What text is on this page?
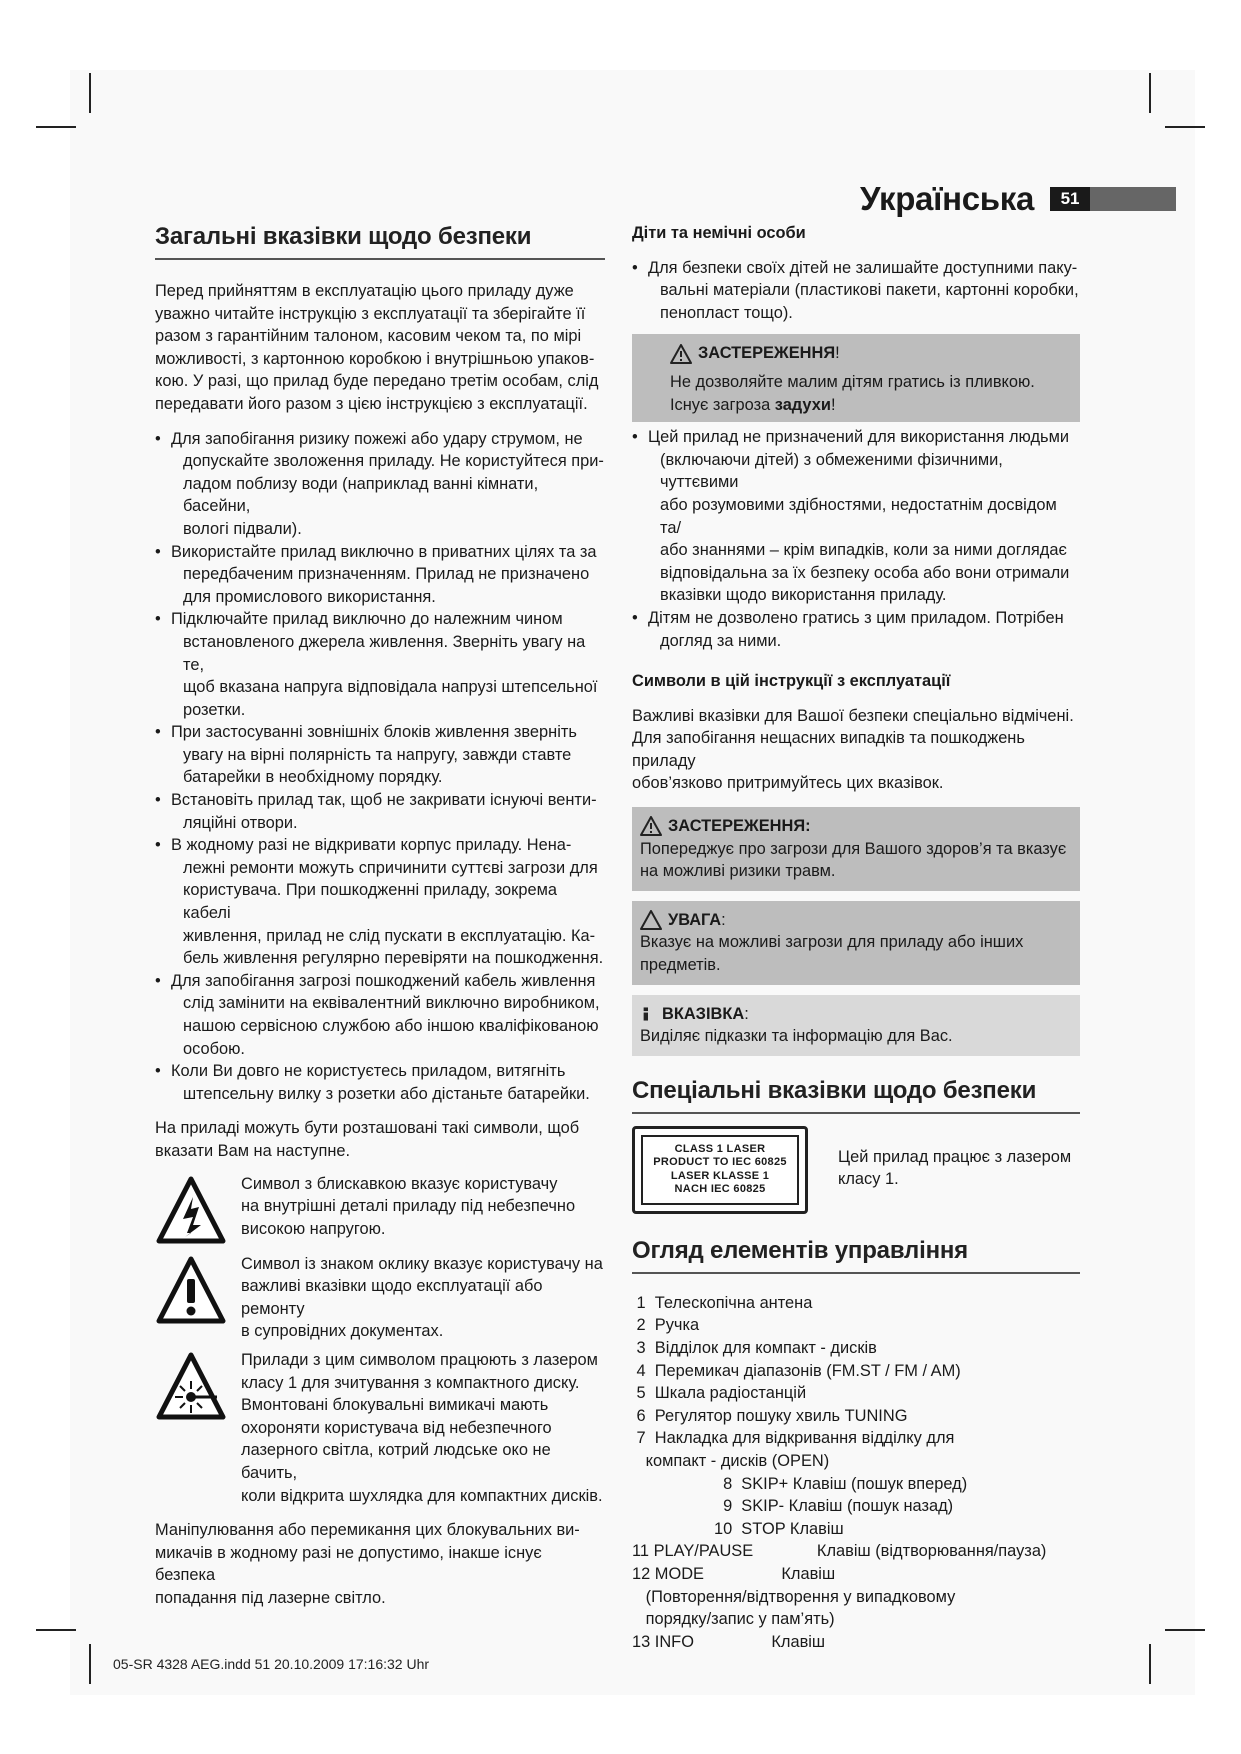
Українська	51
Загальні вказівки щодо безпеки

Перед прийняттям в експлуатацію цього приладу дуже
уважно читайте інструкцію з експлуатації та зберігайте її
разом з гарантійним талоном, касовим чеком та, по мірі
можливості, з картонною коробкою і внутрішньою упаков-
кою. У разі, що прилад буде передано третім особам, слід
передавати його разом з цією інструкцією з експлуатації.

• Для запобігання ризику пожежі або удару струмом, не
допускайте зволоження приладу. Не користуйтеся при-
ладом поблизу води (наприклад ванні кімнати, басейни,
вологі підвали).
• Використайте прилад виключно в приватних цілях та за
передбаченим призначенням. Прилад не призначено
для промислового використання.
• Підключайте прилад виключно до належним чином
встановленого джерела живлення. Зверніть увагу на те,
щоб вказана напруга відповідала напрузі штепсельної
розетки.
• При застосуванні зовнішніх блоків живлення зверніть
увагу на вірні полярність та напругу, завжди ставте
батарейки в необхідному порядку.
• Встановіть прилад так, щоб не закривати існуючі венти-
ляційні отвори.
• В жодному разі не відкривати корпус приладу. Нена-
лежні ремонти можуть спричинити суттєві загрози для
користувача. При пошкодженні приладу, зокрема кабелі
живлення, прилад не слід пускати в експлуатацію. Ка-
бель живлення регулярно перевіряти на пошкодження.
• Для запобігання загрозі пошкоджений кабель живлення
слід замінити на еквівалентний виключно виробником,
нашою сервісною службою або іншою кваліфікованою
особою.
• Коли Ви довго не користуєтесь приладом, витягніть
штепсельну вилку з розетки або дістаньте батарейки.

На приладі можуть бути розташовані такі символи, щоб
вказати Вам на наступне.

Символ з блискавкою вказує користувачу
на внутрішні деталі приладу під небезпечно
високою напругою.
Символ із знаком оклику вказує користувачу на
важливі вказівки щодо експлуатації або ремонту
в супровідних документах.
Прилади з цим символом працюють з лазером
класу 1 для зчитування з компактного диску.
Вмонтовані блокувальні вимикачі мають
охороняти користувача від небезпечного
лазерного світла, котрий людське око не бачить,
коли відкрита шухлядка для компактних дисків.

Маніпулювання або перемикання цих блокувальних ви-
микачів в жодному разі не допустимо, інакше існує безпека
попадання під лазерне світло.

Діти та немічні особи
• Для безпеки своїх дітей не залишайте доступними паку-
вальні матеріали (пластикові пакети, картонні коробки,
пенопласт тощо).
ЗАСТЕРЕЖЕННЯ !
Не дозволяйте малим дітям гратись із пливкою.
Існує загроза задухи!
• Цей прилад не призначений для використання людьми
(включаючи дітей) з обмеженими фізичними, чуттєвими
або розумовими здібностями, недостатнім досвідом та/
або знаннями – крім випадків, коли за ними доглядає
відповідальна за їх безпеку особа або вони отримали
вказівки щодо використання приладу.
• Дітям не дозволено гратись з цим приладом. Потрібен
догляд за ними.
Символи в цій інструкції з експлуатації

Важливі вказівки для Вашої безпеки спеціально відмічені.
Для запобігання нещасних випадків та пошкоджень приладу
обов’язково притримуйтесь цих вказівок.

ЗАСТЕРЕЖЕННЯ:
Попереджує про загрози для Вашого здоров’я та вказує
на можливі ризики травм.
УВАГА :
Вказує на можливі загрози для приладу або інших
предметів.
ВКАЗІВКА :
Виділяє підказки та інформацію для Вас.
Спеціальні вказівки щодо безпеки
CLASS 1 LASER
PRODUCT TO IEC 60825
LASER KLASSE 1
NACH IEC 60825
Цей прилад працює з лазером
класу 1.
Огляд елементів управління
1  Телескопічна антена
2  Ручка
3  Відділок для компакт - дисків
4  Перемикач діапазонів (FM.ST / FM / AM)
5  Шкала радіостанцій
6  Регулятор пошуку хвиль TUNING
7  Накладка для відкривання відділку для
компакт - дисків (OPEN)
8  SKIP+ Клавіш (пошук вперед)
9  SKIP- Клавіш (пошук назад)
10  STOP Клавіш
11 PLAY/PAUSE              Клавіш (відтворювання/пауза)
12 MODE                 Клавіш
(Повторення/відтворення у випадковому
порядку/запис у пам’ять)
13 INFO                 Клавіш
05-SR 4328 AEG.indd 51 20.10.2009 17:16:32 Uhr
